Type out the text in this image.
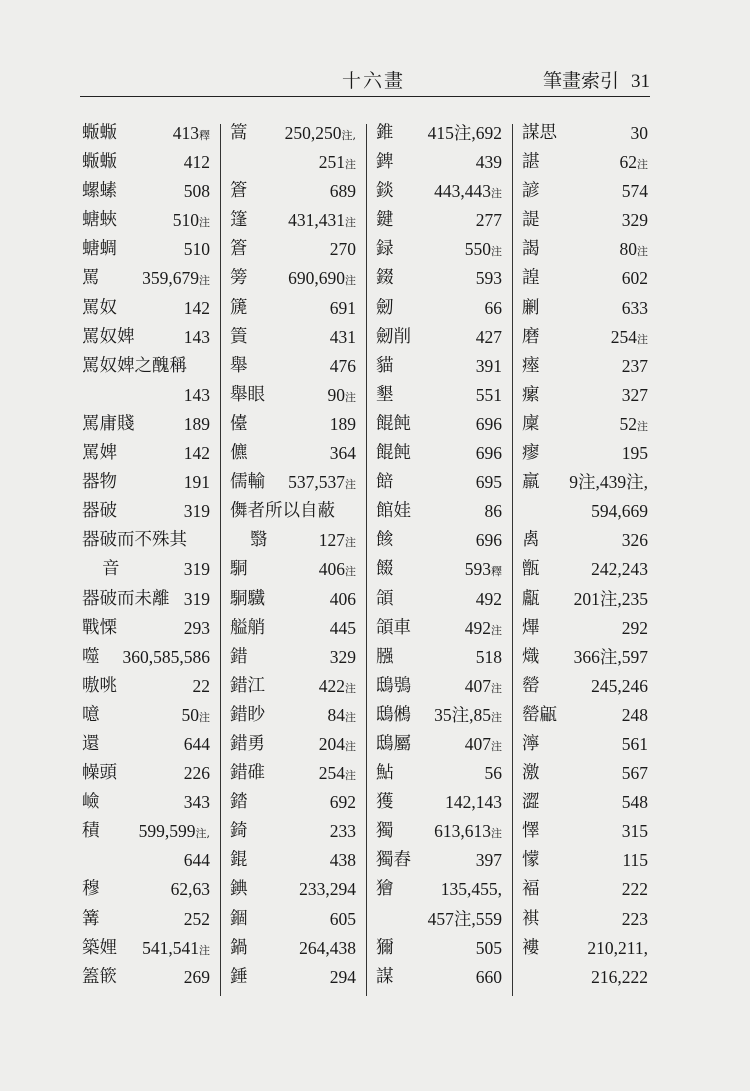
十六畫	筆畫索引 31
蝂蝂	413釋
蝂蝂	412
螺螦	508
螗蛺	510注
螗蜩	510
罵 359,679注
罵奴	142
罵奴婢	143
罵奴婢之醜稱
143
罵庸賤	189
罵婢	142
器物	191
器破	319
器破而不殊其
音	319
器破而未離 319
戰慄	293
噬 360,585,586
嗷咷	22
噫	50注
還	644
幧頭	226
嶮	343
積 599,599注,
644
穆	62,63
篝	252
築娌 541,541注
篕篏	269
篙 250,250注,
251注
篬	689
篷 431,431注
篬	270
篣 690,690注
篪	691
篢	431
舉	476
舉眼	90注
儓	189
儦	364
儒輸 537,537注
儛者所以自蔽
翳	127注
駧	406注
駧驖	406
艗艄	445
錯	329
錯江	422注
錯眇	84注
錯勇	204注
錯碓	254注
錔	692
錡	233
錕	438
錪	233,294
錮	605
鍋	264,438
錘	294
錐 415注,692
錍	439
錟 443,443注
鍵	277
録	550注
錣	593
劒	66
劒削	427
貓	391
墾	551
餛飩	696
餛飩	696
餢	695
館娃	86
餩	696
餟	593釋
頜	492
頜車	492注
膙	518
鴟鴞	407注
鴟鵂 35注,85注
鴟屬	407注
鮎	56
獲	142,143
獨 613,613注
獨舂	397
獪	135,455,
457注,559
獮	505
謀	660
謀思	30
諶	62注
諺	574
諟	329
謁	80注
諻	602
劆	633
磨	254注
瘞	237
瘰	327
廩	52注
瘳	195
羸 9注,439注,
594,669
禼	326
甑	242,243
甗 201注,235
熚	292
熾 366注,597
罃	245,246
罃甂	248
濘	561
激	567
澀	548
懌	315
懞	115
褔	222
褀	223
褸	210,211,
216,222
